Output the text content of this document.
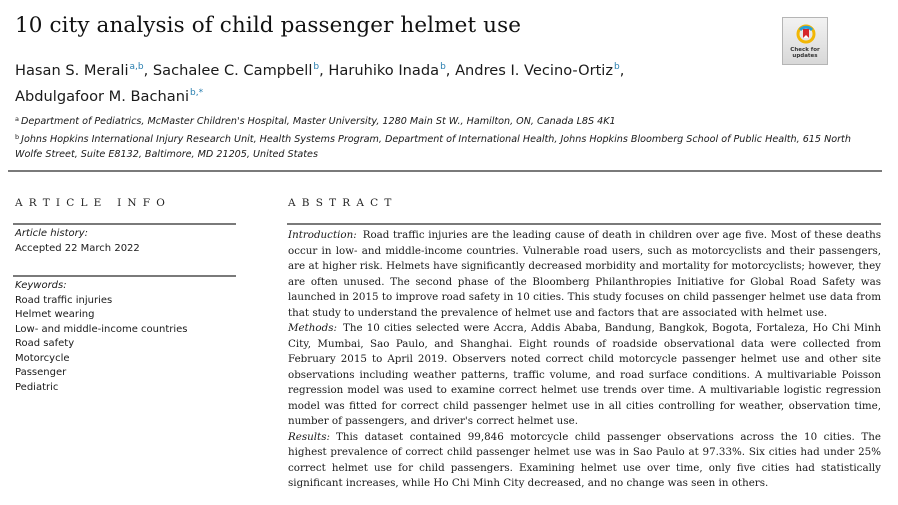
10 city analysis of child passenger helmet use
Hasan S. Merali$^{a,b}$, Sachalee C. Campbell$^b$, Haruhiko Inada$^b$, Andres I. Vecino-Ortiz$^b$,
Abdulgafoor M. Bachani$^{b,*}$
Check for
updates
$^a$ Department of Pediatrics, McMaster Children's Hospital, Master University, 1280 Main St W., Hamilton, ON, Canada L8S 4K1
$^b$ Johns Hopkins International Injury Research Unit, Health Systems Program, Department of International Health, Johns Hopkins Bloomberg School of Public Health, 615 North Wolfe Street, Suite E8132, Baltimore, MD 21205, United States
ARTICLE INFO	ABSTRACT
Article history:
Accepted 22 March 2022
Keywords:
Road traffic injuries
Helmet wearing
Low- and middle-income countries
Road safety
Motorcycle
Passenger
Pediatric

Introduction: Road traffic injuries are the leading cause of death in children over age five. Most of these deaths occur in low- and middle-income countries. Vulnerable road users, such as motorcyclists and their passengers, are at higher risk. Helmets have significantly decreased morbidity and mortality for motorcyclists; however, they are often unused. The second phase of the Bloomberg Philanthropies Initiative for Global Road Safety was launched in 2015 to improve road safety in 10 cities. This study focuses on child passenger helmet use data from that study to understand the prevalence of helmet use and factors that are associated with helmet use.

Methods: The 10 cities selected were Accra, Addis Ababa, Bandung, Bangkok, Bogota, Fortaleza, Ho Chi Minh City, Mumbai, Sao Paulo, and Shanghai. Eight rounds of roadside observational data were collected from February 2015 to April 2019. Observers noted correct child motorcycle passenger helmet use and other site observations including weather patterns, traffic volume, and road surface conditions. A multivariable Poisson regression model was used to examine correct helmet use trends over time. A multivariable logistic regression model was fitted for correct child passenger helmet use in all cities controlling for weather, observation time, number of passengers, and driver's correct helmet use.

Results: This dataset contained 99,846 motorcycle child passenger observations across the 10 cities. The highest prevalence of correct child passenger helmet use was in Sao Paulo at 97.33%. Six cities had under 25% correct helmet use for child passengers. Examining helmet use over time, only five cities had statistically significant increases, while Ho Chi Minh City decreased, and no change was seen in others.
